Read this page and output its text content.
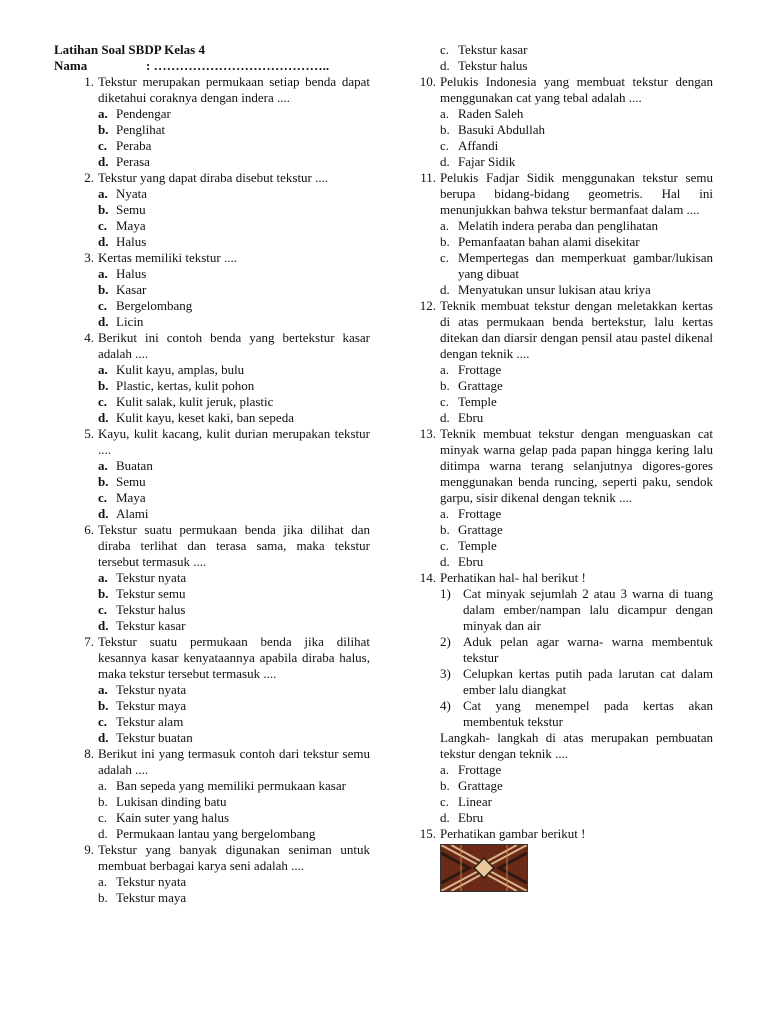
Latihan Soal SBDP Kelas 4
Nama	: …………………………………..
1. Tekstur merupakan permukaan setiap benda dapat diketahui coraknya dengan indera ....
a. Pendengar
b. Penglihat
c. Peraba
d. Perasa
2. Tekstur yang dapat diraba disebut tekstur ....
a. Nyata
b. Semu
c. Maya
d. Halus
3. Kertas memiliki tekstur ....
a. Halus
b. Kasar
c. Bergelombang
d. Licin
4. Berikut ini contoh benda yang bertekstur kasar adalah ....
a. Kulit kayu, amplas, bulu
b. Plastic, kertas, kulit pohon
c. Kulit salak, kulit jeruk, plastic
d. Kulit kayu, keset kaki, ban sepeda
5. Kayu, kulit kacang, kulit durian merupakan tekstur ....
a. Buatan
b. Semu
c. Maya
d. Alami
6. Tekstur suatu permukaan benda jika dilihat dan diraba terlihat dan terasa sama, maka tekstur tersebut termasuk ....
a. Tekstur nyata
b. Tekstur semu
c. Tekstur halus
d. Tekstur kasar
7. Tekstur suatu permukaan benda jika dilihat kesannya kasar kenyataannya apabila diraba halus, maka tekstur tersebut termasuk ....
a. Tekstur nyata
b. Tekstur maya
c. Tekstur alam
d. Tekstur buatan
8. Berikut ini yang termasuk contoh dari tekstur semu adalah ....
a. Ban sepeda yang memiliki permukaan kasar
b. Lukisan dinding batu
c. Kain suter yang halus
d. Permukaan lantau yang bergelombang
9. Tekstur yang banyak digunakan seniman untuk membuat berbagai karya seni adalah ....
a. Tekstur nyata
b. Tekstur maya
c. Tekstur kasar
d. Tekstur halus
10. Pelukis Indonesia yang membuat tekstur dengan menggunakan cat yang tebal adalah ....
a. Raden Saleh
b. Basuki Abdullah
c. Affandi
d. Fajar Sidik
11. Pelukis Fadjar Sidik menggunakan tekstur semu berupa bidang-bidang geometris. Hal ini menunjukkan bahwa tekstur bermanfaat dalam ....
a. Melatih indera peraba dan penglihatan
b. Pemanfaatan bahan alami disekitar
c. Mempertegas dan memperkuat gambar/lukisan yang dibuat
d. Menyatukan unsur lukisan atau kriya
12. Teknik membuat tekstur dengan meletakkan kertas di atas permukaan benda bertekstur, lalu kertas ditekan dan diarsir dengan pensil atau pastel dikenal dengan teknik ....
a. Frottage
b. Grattage
c. Temple
d. Ebru
13. Teknik membuat tekstur dengan menguaskan cat minyak warna gelap pada papan hingga kering lalu ditimpa warna terang selanjutnya digores-gores menggunakan benda runcing, seperti paku, sendok garpu, sisir dikenal dengan teknik ....
a. Frottage
b. Grattage
c. Temple
d. Ebru
14. Perhatikan hal- hal berikut !
1) Cat minyak sejumlah 2 atau 3 warna di tuang dalam ember/nampan lalu dicampur dengan minyak dan air
2) Aduk pelan agar warna- warna membentuk tekstur
3) Celupkan kertas putih pada larutan cat dalam ember lalu diangkat
4) Cat yang menempel pada kertas akan membentuk tekstur
Langkah- langkah di atas merupakan pembuatan tekstur dengan teknik ....
a. Frottage
b. Grattage
c. Linear
d. Ebru
15. Perhatikan gambar berikut !
